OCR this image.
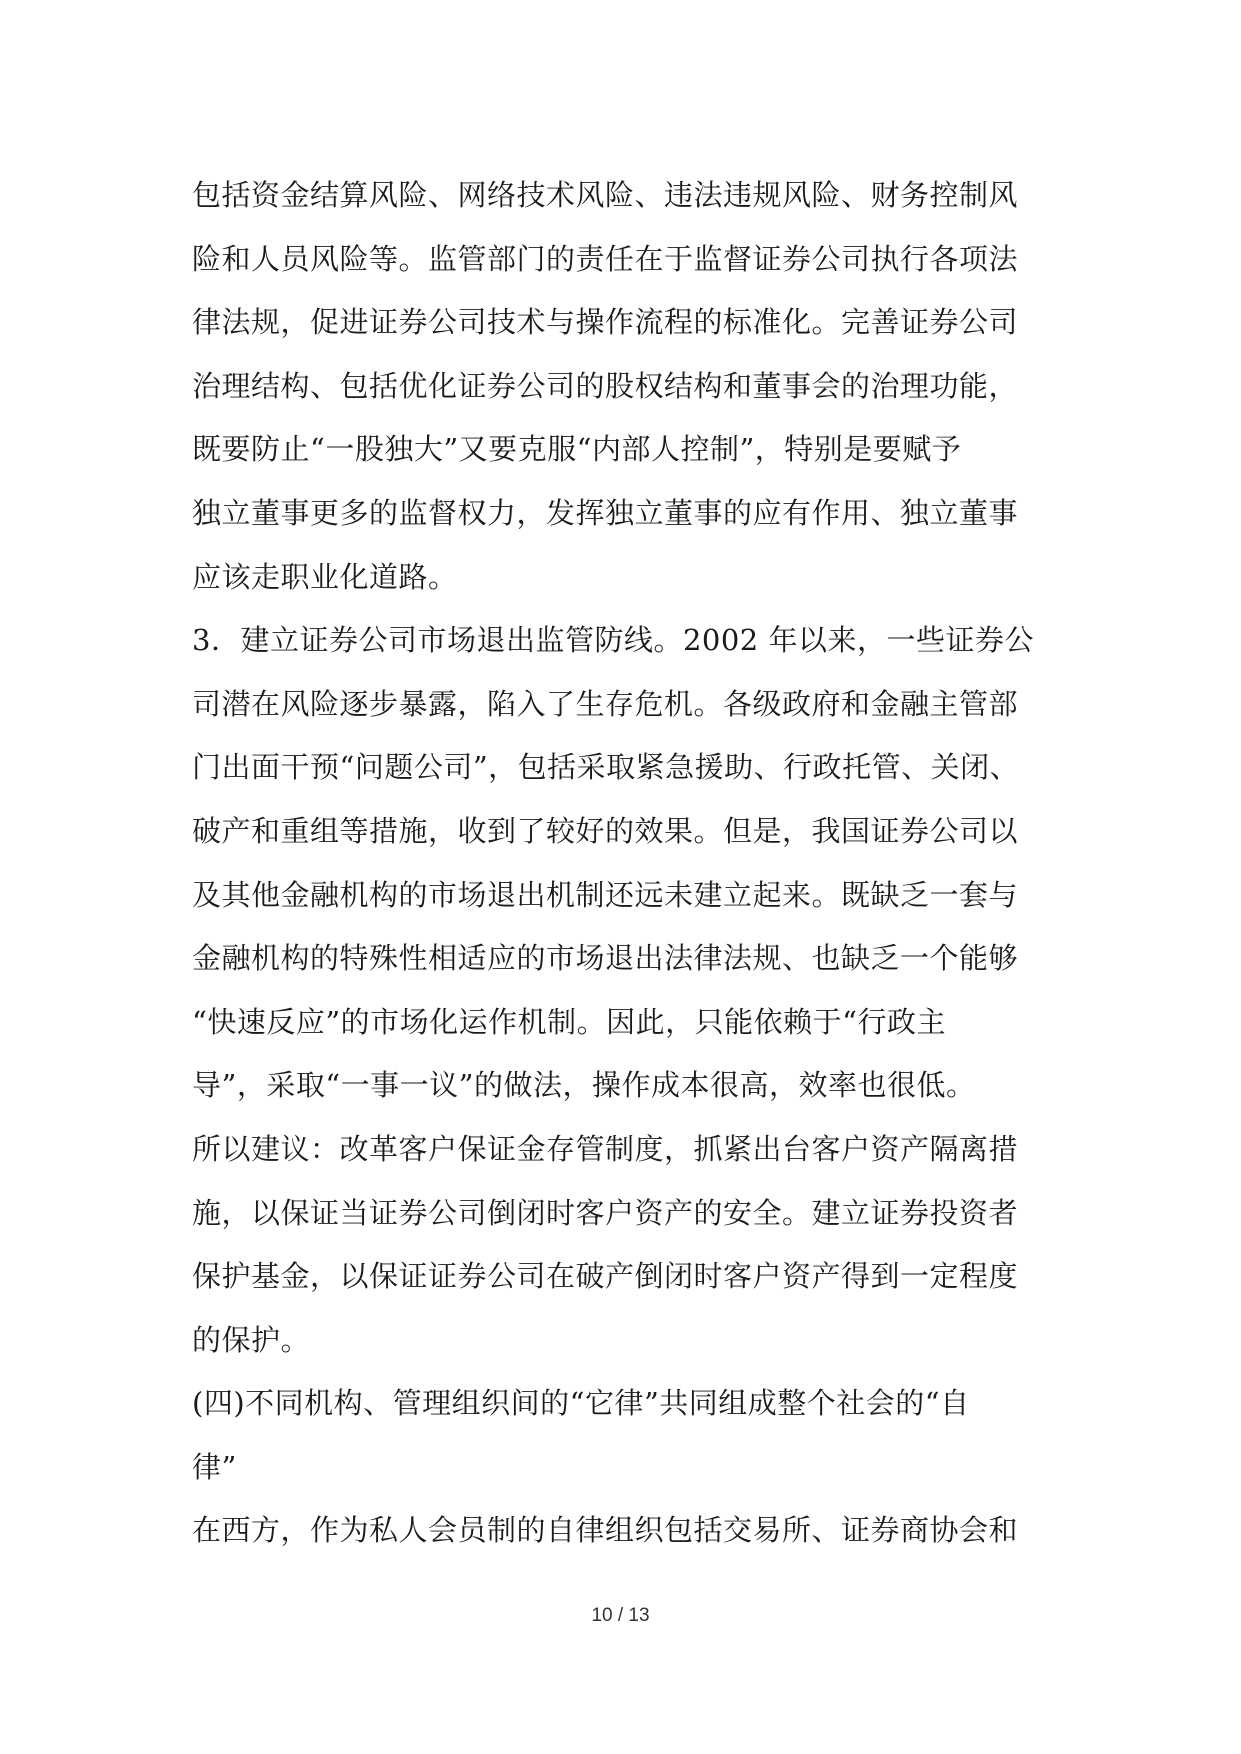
包括资金结算风险、网络技术风险、违法违规风险、财务控制风
险和人员风险等。监管部门的责任在于监督证券公司执行各项法
律法规，促进证券公司技术与操作流程的标准化。完善证券公司
治理结构、包括优化证券公司的股权结构和董事会的治理功能，
既要防止“一股独大”又要克服“内部人控制”，特别是要赋予
独立董事更多的监督权力，发挥独立董事的应有作用、独立董事
应该走职业化道路。
3．建立证券公司市场退出监管防线。2002 年以来，一些证券公
司潜在风险逐步暴露，陷入了生存危机。各级政府和金融主管部
门出面干预“问题公司”，包括采取紧急援助、行政托管、关闭、
破产和重组等措施，收到了较好的效果。但是，我国证券公司以
及其他金融机构的市场退出机制还远未建立起来。既缺乏一套与
金融机构的特殊性相适应的市场退出法律法规、也缺乏一个能够
“快速反应”的市场化运作机制。因此，只能依赖于“行政主
导”，采取“一事一议”的做法，操作成本很高，效率也很低。
所以建议：改革客户保证金存管制度，抓紧出台客户资产隔离措
施，以保证当证券公司倒闭时客户资产的安全。建立证券投资者
保护基金，以保证证券公司在破产倒闭时客户资产得到一定程度
的保护。
(四)不同机构、管理组织间的“它律”共同组成整个社会的“自
律”
在西方，作为私人会员制的自律组织包括交易所、证券商协会和
10 / 13
